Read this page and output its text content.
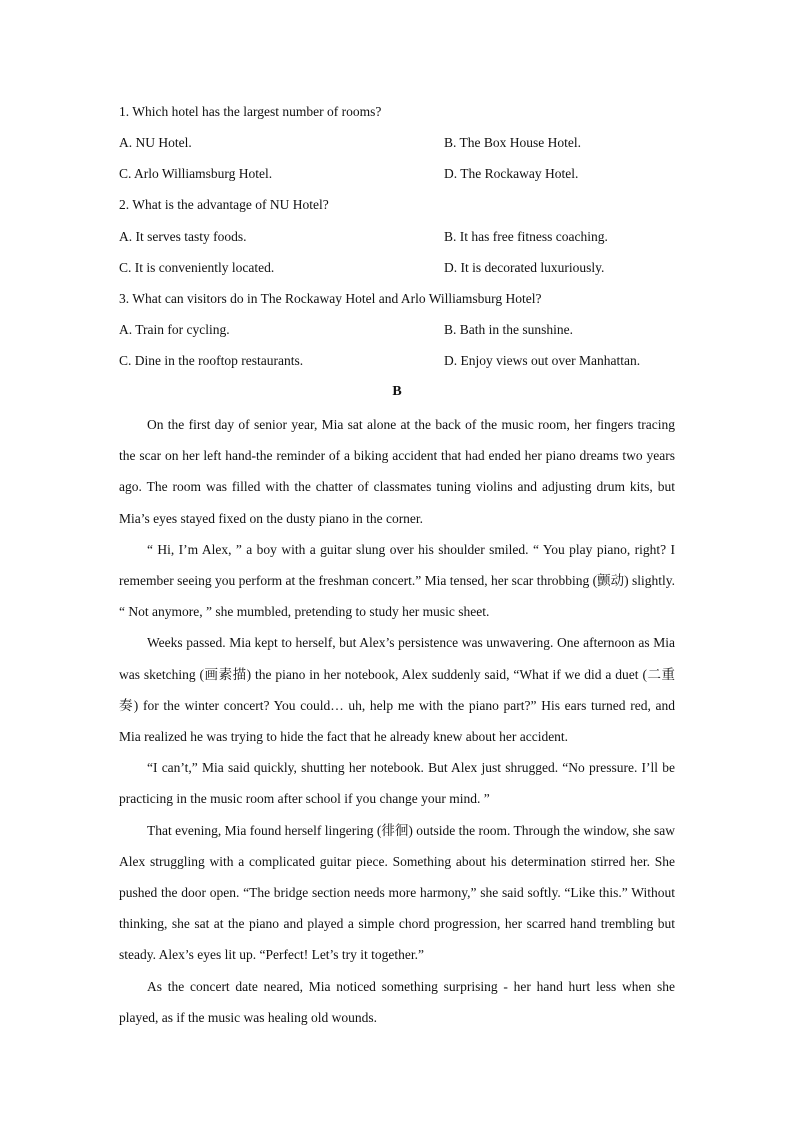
1. Which hotel has the largest number of rooms?
A. NU Hotel.	B. The Box House Hotel.
C. Arlo Williamsburg Hotel.	D. The Rockaway Hotel.
2. What is the advantage of NU Hotel?
A. It serves tasty foods.	B. It has free fitness coaching.
C. It is conveniently located.	D. It is decorated luxuriously.
3. What can visitors do in The Rockaway Hotel and Arlo Williamsburg Hotel?
A. Train for cycling.	B. Bath in the sunshine.
C. Dine in the rooftop restaurants.	D. Enjoy views out over Manhattan.
B

On the first day of senior year, Mia sat alone at the back of the music room, her fingers tracing the scar on her left hand-the reminder of a biking accident that had ended her piano dreams two years ago. The room was filled with the chatter of classmates tuning violins and adjusting drum kits, but Mia’s eyes stayed fixed on the dusty piano in the corner.

“ Hi, I’m Alex, ” a boy with a guitar slung over his shoulder smiled. “ You play piano, right? I remember seeing you perform at the freshman concert.” Mia tensed, her scar throbbing (颤动) slightly. “ Not anymore, ” she mumbled, pretending to study her music sheet.

Weeks passed. Mia kept to herself, but Alex’s persistence was unwavering. One afternoon as Mia was sketching (画素描) the piano in her notebook, Alex suddenly said, “What if we did a duet (二重奏) for the winter concert? You could… uh, help me with the piano part?” His ears turned red, and Mia realized he was trying to hide the fact that he already knew about her accident.

“I can’t,” Mia said quickly, shutting her notebook. But Alex just shrugged. “No pressure. I’ll be practicing in the music room after school if you change your mind. ”

That evening, Mia found herself lingering (徘徊) outside the room. Through the window, she saw Alex struggling with a complicated guitar piece. Something about his determination stirred her. She pushed the door open. “The bridge section needs more harmony,” she said softly. “Like this.” Without thinking, she sat at the piano and played a simple chord progression, her scarred hand trembling but steady. Alex’s eyes lit up. “Perfect! Let’s try it together.”

As the concert date neared, Mia noticed something surprising - her hand hurt less when she played, as if the music was healing old wounds.
